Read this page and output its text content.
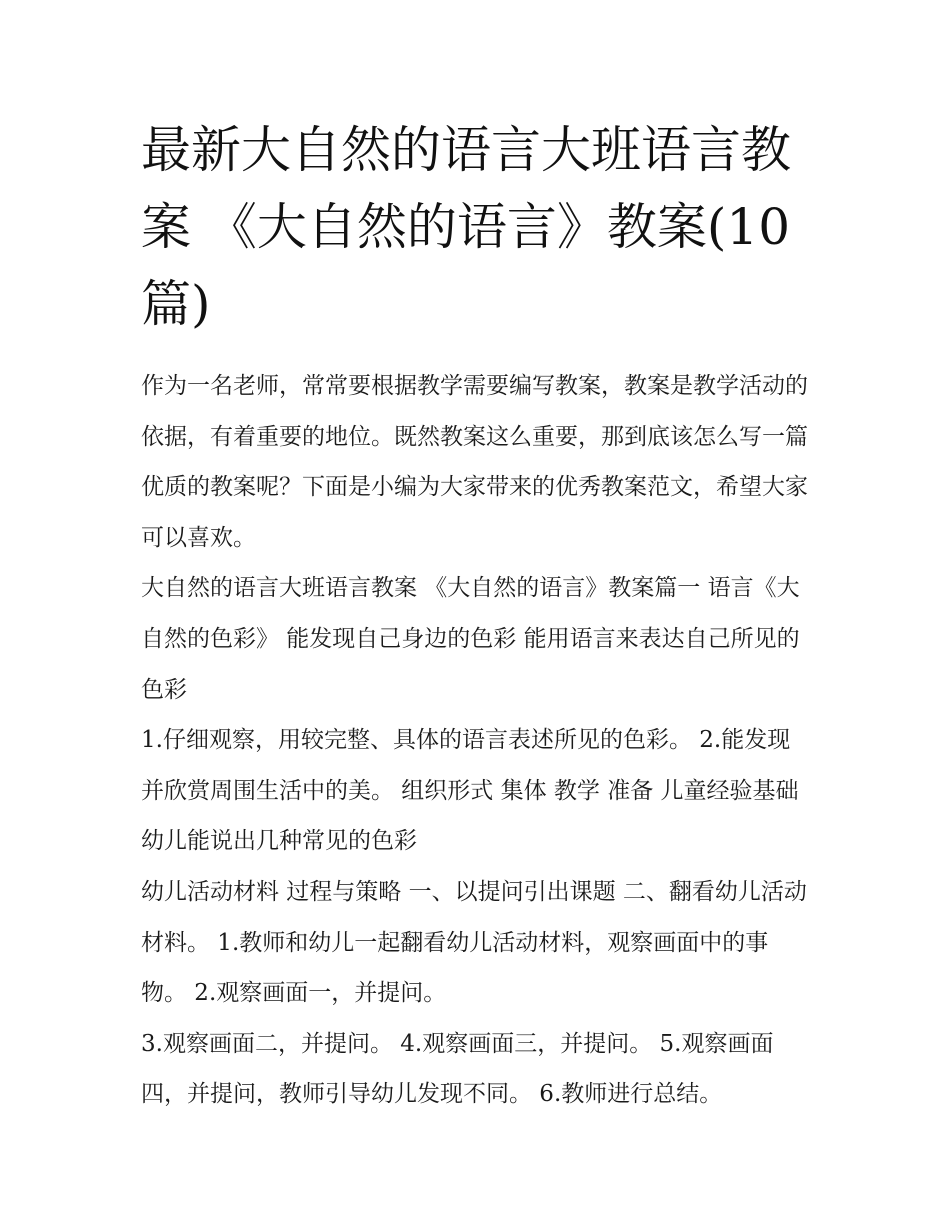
最新大自然的语言大班语言教案 《大自然的语言》教案(10篇)

作为一名老师，常常要根据教学需要编写教案，教案是教学活动的依据，有着重要的地位。既然教案这么重要，那到底该怎么写一篇优质的教案呢？下面是小编为大家带来的优秀教案范文，希望大家可以喜欢。

大自然的语言大班语言教案 《大自然的语言》教案篇一 语言《大自然的色彩》 能发现自己身边的色彩 能用语言来表达自己所见的色彩

1.仔细观察，用较完整、具体的语言表述所见的色彩。 2.能发现并欣赏周围生活中的美。 组织形式 集体 教学 准备 儿童经验基础 幼儿能说出几种常见的色彩

幼儿活动材料 过程与策略 一、以提问引出课题 二、翻看幼儿活动材料。 1.教师和幼儿一起翻看幼儿活动材料，观察画面中的事物。 2.观察画面一，并提问。

3.观察画面二，并提问。 4.观察画面三，并提问。 5.观察画面四，并提问，教师引导幼儿发现不同。 6.教师进行总结。
